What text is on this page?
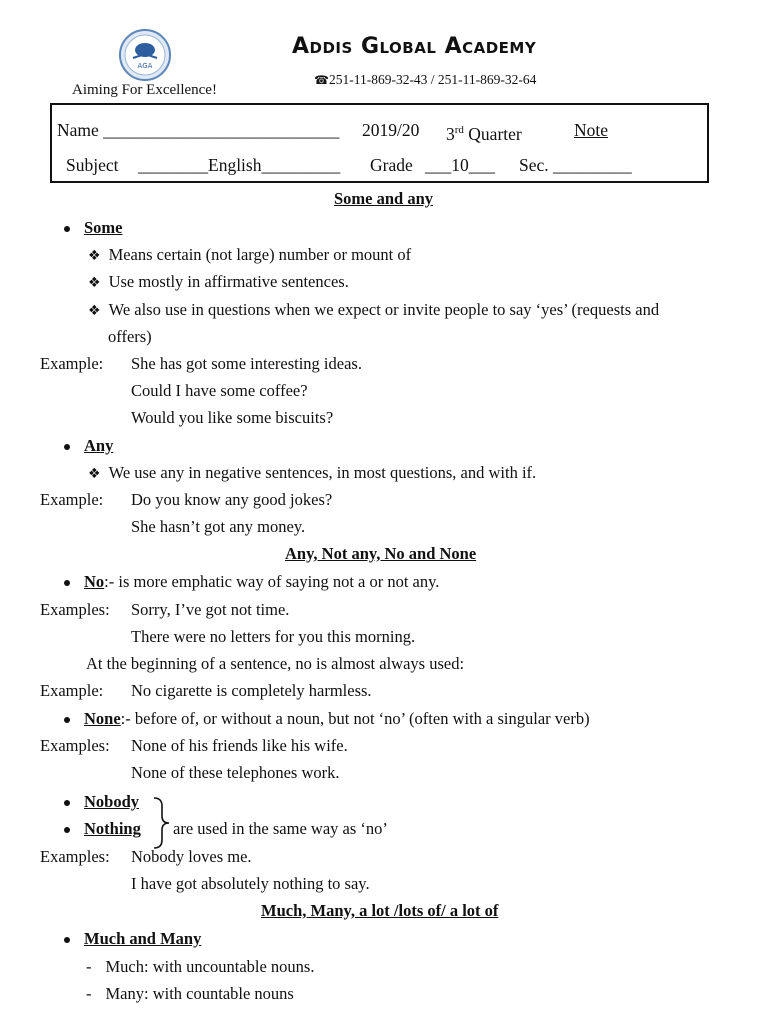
AGA
Addis Global Academy
☎251-11-869-32-43 / 251-11-869-32-64
Aiming For Excellence!
Name ___________________________ 2019/20 3rd Quarter	Note
Subject ________English_________ Grade ___10___ Sec. _________
Some and any
Some
❖ Means certain (not large) number or mount of
❖ Use mostly in affirmative sentences.
❖ We also use in questions when we expect or invite people to say ‘yes’ (requests and
offers)
Example: She has got some interesting ideas.
Could I have some coffee?
Would you like some biscuits?
Any
❖ We use any in negative sentences, in most questions, and with if.
Example: Do you know any good jokes?
She hasn’t got any money.
Any, Not any, No and None
No:- is more emphatic way of saying not a or not any.
Examples: Sorry, I’ve got not time.
There were no letters for you this morning.
At the beginning of a sentence, no is almost always used:
Example: No cigarette is completely harmless.
None:- before of, or without a noun, but not ‘no’ (often with a singular verb)
Examples: None of his friends like his wife.
None of these telephones work.
Nobody
Nothing are used in the same way as ‘no’
Examples: Nobody loves me.
I have got absolutely nothing to say.
Much, Many, a lot /lots of/ a lot of
Much and Many
- Much: with uncountable nouns.
- Many: with countable nouns
